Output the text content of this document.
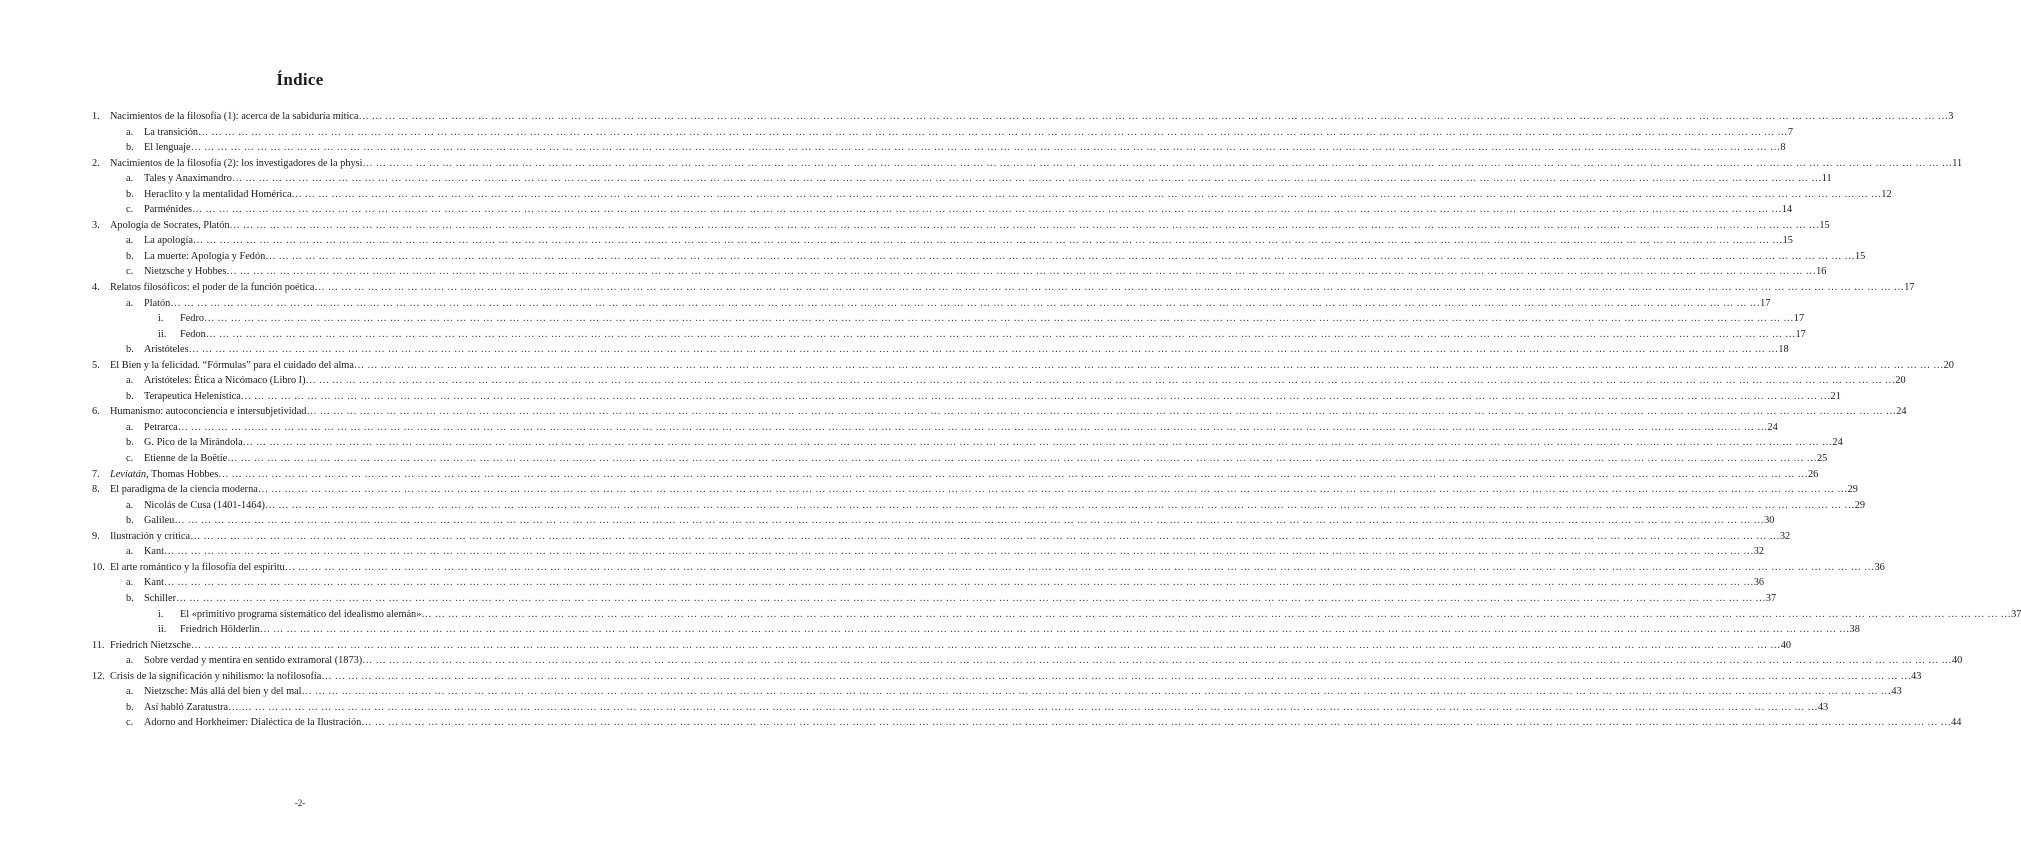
Índice
1. Nacimientos de la filosofía (1): acerca de la sabiduría mítica … … … … … … … … … … … … … … … … … … … … … … … … … … … … … … … … … … … … … … … … … … … … … … … … … … … … … … … … … … … … … … … … … … … … … … … … … … … … … … … … … … … … … … … … … … … … … … … … … … … … … … … … … … … … … … … … … … … … … … … … 3
a. La transición … … … … … … … … … … … … … … … … … … … … … … … … … … … … … … … … … … … … … … … … … … … … … … … … … … … … … … … … … … … … … … … … … … … … … … … … … … … … … … … … … … … … … … … … … … … … … … … … … … … … … … … … … … … … … … … … … … … … … … … … 7
b. El lenguaje … … … … … … … … … … … … … … … … … … … … … … … … … … … … … … … … … … … … … … … … … … … … … … … … … … … … … … … … … … … … … … … … … … … … … … … … … … … … … … … … … … … … … … … … … … … … … … … … … … … … … … … … … … … … … … … … … … … … … … … … 8
2. Nacimientos de la filosofía (2): los investigadores de la physi … … … … … … … … … … … … … … … … … … … … … … … … … … … … … … … … … … … … … … … … … … … … … … … … … … … … … … … … … … … … … … … … … … … … … … … … … … … … … … … … … … … … … … … … … … … … … … … … … … … … … … … … … … … … … … … … … … … … … … … … 11
a. Tales y Anaximandro … … … … … … … … … … … … … … … … … … … … … … … … … … … … … … … … … … … … … … … … … … … … … … … … … … … … … … … … … … … … … … … … … … … … … … … … … … … … … … … … … … … … … … … … … … … … … … … … … … … … … … … … … … … … … … … … … … … … … … … … 11
b. Heraclito y la mentalidad Homérica … … … … … … … … … … … … … … … … … … … … … … … … … … … … … … … … … … … … … … … … … … … … … … … … … … … … … … … … … … … … … … … … … … … … … … … … … … … … … … … … … … … … … … … … … … … … … … … … … … … … … … … … … … … … … … … … … … … … … … … … 12
c. Parménides … … … … … … … … … … … … … … … … … … … … … … … … … … … … … … … … … … … … … … … … … … … … … … … … … … … … … … … … … … … … … … … … … … … … … … … … … … … … … … … … … … … … … … … … … … … … … … … … … … … … … … … … … … … … … … … … … … … … … … … … 14
3. Apología de Socrates, Platón … … … … … … … … … … … … … … … … … … … … … … … … … … … … … … … … … … … … … … … … … … … … … … … … … … … … … … … … … … … … … … … … … … … … … … … … … … … … … … … … … … … … … … … … … … … … … … … … … … … … … … … … … … … … … … … … … … … … … … … … 15
a. La apología … … … … … … … … … … … … … … … … … … … … … … … … … … … … … … … … … … … … … … … … … … … … … … … … … … … … … … … … … … … … … … … … … … … … … … … … … … … … … … … … … … … … … … … … … … … … … … … … … … … … … … … … … … … … … … … … … … … … … … … … 15
b. La muerte: Apología y Fedón … … … … … … … … … … … … … … … … … … … … … … … … … … … … … … … … … … … … … … … … … … … … … … … … … … … … … … … … … … … … … … … … … … … … … … … … … … … … … … … … … … … … … … … … … … … … … … … … … … … … … … … … … … … … … … … … … … … … … … … … 15
c. Nietzsche y Hobbes … … … … … … … … … … … … … … … … … … … … … … … … … … … … … … … … … … … … … … … … … … … … … … … … … … … … … … … … … … … … … … … … … … … … … … … … … … … … … … … … … … … … … … … … … … … … … … … … … … … … … … … … … … … … … … … … … … … … … … … … 16
4. Relatos filosóficos: el poder de la función poética … … … … … … … … … … … … … … … … … … … … … … … … … … … … … … … … … … … … … … … … … … … … … … … … … … … … … … … … … … … … … … … … … … … … … … … … … … … … … … … … … … … … … … … … … … … … … … … … … … … … … … … … … … … … … … … … … … … … … … … … 17
a. Platón … … … … … … … … … … … … … … … … … … … … … … … … … … … … … … … … … … … … … … … … … … … … … … … … … … … … … … … … … … … … … … … … … … … … … … … … … … … … … … … … … … … … … … … … … … … … … … … … … … … … … … … … … … … … … … … … … … … … … … … … 17
i. Fedro … … … … … … … … … … … … … … … … … … … … … … … … … … … … … … … … … … … … … … … … … … … … … … … … … … … … … … … … … … … … … … … … … … … … … … … … … … … … … … … … … … … … … … … … … … … … … … … … … … … … … … … … … … … … … … … … … … … … … … … … 17
ii. Fedon … … … … … … … … … … … … … … … … … … … … … … … … … … … … … … … … … … … … … … … … … … … … … … … … … … … … … … … … … … … … … … … … … … … … … … … … … … … … … … … … … … … … … … … … … … … … … … … … … … … … … … … … … … … … … … … … … … … … … … … … 17
b. Aristóteles … … … … … … … … … … … … … … … … … … … … … … … … … … … … … … … … … … … … … … … … … … … … … … … … … … … … … … … … … … … … … … … … … … … … … … … … … … … … … … … … … … … … … … … … … … … … … … … … … … … … … … … … … … … … … … … … … … … … … … … … 18
5. El Bien y la felicidad. “Fórmulas” para el cuidado del alma … … … … … … … … … … … … … … … … … … … … … … … … … … … … … … … … … … … … … … … … … … … … … … … … … … … … … … … … … … … … … … … … … … … … … … … … … … … … … … … … … … … … … … … … … … … … … … … … … … … … … … … … … … … … … … … … … … … … … … … … 20
a. Aristóteles: Ética a Nicómaco (Libro I) … … … … … … … … … … … … … … … … … … … … … … … … … … … … … … … … … … … … … … … … … … … … … … … … … … … … … … … … … … … … … … … … … … … … … … … … … … … … … … … … … … … … … … … … … … … … … … … … … … … … … … … … … … … … … … … … … … … … … … … … 20
b. Terapeutica Helenística … … … … … … … … … … … … … … … … … … … … … … … … … … … … … … … … … … … … … … … … … … … … … … … … … … … … … … … … … … … … … … … … … … … … … … … … … … … … … … … … … … … … … … … … … … … … … … … … … … … … … … … … … … … … … … … … … … … … … … … … 21
6. Humanismo: autoconciencia e intersubjetividad … … … … … … … … … … … … … … … … … … … … … … … … … … … … … … … … … … … … … … … … … … … … … … … … … … … … … … … … … … … … … … … … … … … … … … … … … … … … … … … … … … … … … … … … … … … … … … … … … … … … … … … … … … … … … … … … … … … … … … … … 24
a. Petrarca … … … … … … … … … … … … … … … … … … … … … … … … … … … … … … … … … … … … … … … … … … … … … … … … … … … … … … … … … … … … … … … … … … … … … … … … … … … … … … … … … … … … … … … … … … … … … … … … … … … … … … … … … … … … … … … … … … … … … … … … 24
b. G. Pico de la Mirándola … … … … … … … … … … … … … … … … … … … … … … … … … … … … … … … … … … … … … … … … … … … … … … … … … … … … … … … … … … … … … … … … … … … … … … … … … … … … … … … … … … … … … … … … … … … … … … … … … … … … … … … … … … … … … … … … … … … … … … … … 24
c. Etienne de la Boëtie … … … … … … … … … … … … … … … … … … … … … … … … … … … … … … … … … … … … … … … … … … … … … … … … … … … … … … … … … … … … … … … … … … … … … … … … … … … … … … … … … … … … … … … … … … … … … … … … … … … … … … … … … … … … … … … … … … … … … … … … 25
7. Leviatán, Thomas Hobbes … … … … … … … … … … … … … … … … … … … … … … … … … … … … … … … … … … … … … … … … … … … … … … … … … … … … … … … … … … … … … … … … … … … … … … … … … … … … … … … … … … … … … … … … … … … … … … … … … … … … … … … … … … … … … … … … … … … … … … … … 26
8. El paradigma de la ciencia moderna … … … … … … … … … … … … … … … … … … … … … … … … … … … … … … … … … … … … … … … … … … … … … … … … … … … … … … … … … … … … … … … … … … … … … … … … … … … … … … … … … … … … … … … … … … … … … … … … … … … … … … … … … … … … … … … … … … … … … … … … 29
a. Nicolás de Cusa (1401-1464) … … … … … … … … … … … … … … … … … … … … … … … … … … … … … … … … … … … … … … … … … … … … … … … … … … … … … … … … … … … … … … … … … … … … … … … … … … … … … … … … … … … … … … … … … … … … … … … … … … … … … … … … … … … … … … … … … … … … … … … … 29
b. Galileu … … … … … … … … … … … … … … … … … … … … … … … … … … … … … … … … … … … … … … … … … … … … … … … … … … … … … … … … … … … … … … … … … … … … … … … … … … … … … … … … … … … … … … … … … … … … … … … … … … … … … … … … … … … … … … … … … … … … … … … … 30
9. Ilustración y crítica … … … … … … … … … … … … … … … … … … … … … … … … … … … … … … … … … … … … … … … … … … … … … … … … … … … … … … … … … … … … … … … … … … … … … … … … … … … … … … … … … … … … … … … … … … … … … … … … … … … … … … … … … … … … … … … … … … … … … … … … 32
a. Kant … … … … … … … … … … … … … … … … … … … … … … … … … … … … … … … … … … … … … … … … … … … … … … … … … … … … … … … … … … … … … … … … … … … … … … … … … … … … … … … … … … … … … … … … … … … … … … … … … … … … … … … … … … … … … … … … … … … … … … … … 32
10. El arte romántico y la filosofía del espíritu … … … … … … … … … … … … … … … … … … … … … … … … … … … … … … … … … … … … … … … … … … … … … … … … … … … … … … … … … … … … … … … … … … … … … … … … … … … … … … … … … … … … … … … … … … … … … … … … … … … … … … … … … … … … … … … … … … … … … … … … 36
a. Kant … … … … … … … … … … … … … … … … … … … … … … … … … … … … … … … … … … … … … … … … … … … … … … … … … … … … … … … … … … … … … … … … … … … … … … … … … … … … … … … … … … … … … … … … … … … … … … … … … … … … … … … … … … … … … … … … … … … … … … … … 36
b. Schiller … … … … … … … … … … … … … … … … … … … … … … … … … … … … … … … … … … … … … … … … … … … … … … … … … … … … … … … … … … … … … … … … … … … … … … … … … … … … … … … … … … … … … … … … … … … … … … … … … … … … … … … … … … … … … … … … … … … … … … … … 37
i. El «primitivo programa sistemático del idealismo alemán» … … … … … … … … … … … … … … … … … … … … … … … … … … … … … … … … … … … … … … … … … … … … … … … … … … … … … … … … … … … … … … … … … … … … … … … … … … … … … … … … … … … … … … … … … … … … … … … … … … … … … … … … … … … … … … … … … … … … … … … … 37
ii. Friedrich Hölderlin … … … … … … … … … … … … … … … … … … … … … … … … … … … … … … … … … … … … … … … … … … … … … … … … … … … … … … … … … … … … … … … … … … … … … … … … … … … … … … … … … … … … … … … … … … … … … … … … … … … … … … … … … … … … … … … … … … … … … … … … 38
11. Friedrich Nietzsche … … … … … … … … … … … … … … … … … … … … … … … … … … … … … … … … … … … … … … … … … … … … … … … … … … … … … … … … … … … … … … … … … … … … … … … … … … … … … … … … … … … … … … … … … … … … … … … … … … … … … … … … … … … … … … … … … … … … … … … … 40
a. Sobre verdad y mentira en sentido extramoral (1873) … … … … … … … … … … … … … … … … … … … … … … … … … … … … … … … … … … … … … … … … … … … … … … … … … … … … … … … … … … … … … … … … … … … … … … … … … … … … … … … … … … … … … … … … … … … … … … … … … … … … … … … … … … … … … … … … … … … … … … … … 40
12. Crisis de la significación y nihilismo: la nofilosofía … … … … … … … … … … … … … … … … … … … … … … … … … … … … … … … … … … … … … … … … … … … … … … … … … … … … … … … … … … … … … … … … … … … … … … … … … … … … … … … … … … … … … … … … … … … … … … … … … … … … … … … … … … … … … … … … … … … … … … … … 43
a. Nietzsche: Más allá del bien y del mal … … … … … … … … … … … … … … … … … … … … … … … … … … … … … … … … … … … … … … … … … … … … … … … … … … … … … … … … … … … … … … … … … … … … … … … … … … … … … … … … … … … … … … … … … … … … … … … … … … … … … … … … … … … … … … … … … … … … … … … … 43
b. Así habló Zaratustra … … … … … … … … … … … … … … … … … … … … … … … … … … … … … … … … … … … … … … … … … … … … … … … … … … … … … … … … … … … … … … … … … … … … … … … … … … … … … … … … … … … … … … … … … … … … … … … … … … … … … … … … … … … … … … … … … … … … … … … … 43
c. Adorno and Horkheimer: Dialéctica de la Ilustración … … … … … … … … … … … … … … … … … … … … … … … … … … … … … … … … … … … … … … … … … … … … … … … … … … … … … … … … … … … … … … … … … … … … … … … … … … … … … … … … … … … … … … … … … … … … … … … … … … … … … … … … … … … … … … … … … … … … … … … … 44
-2-
